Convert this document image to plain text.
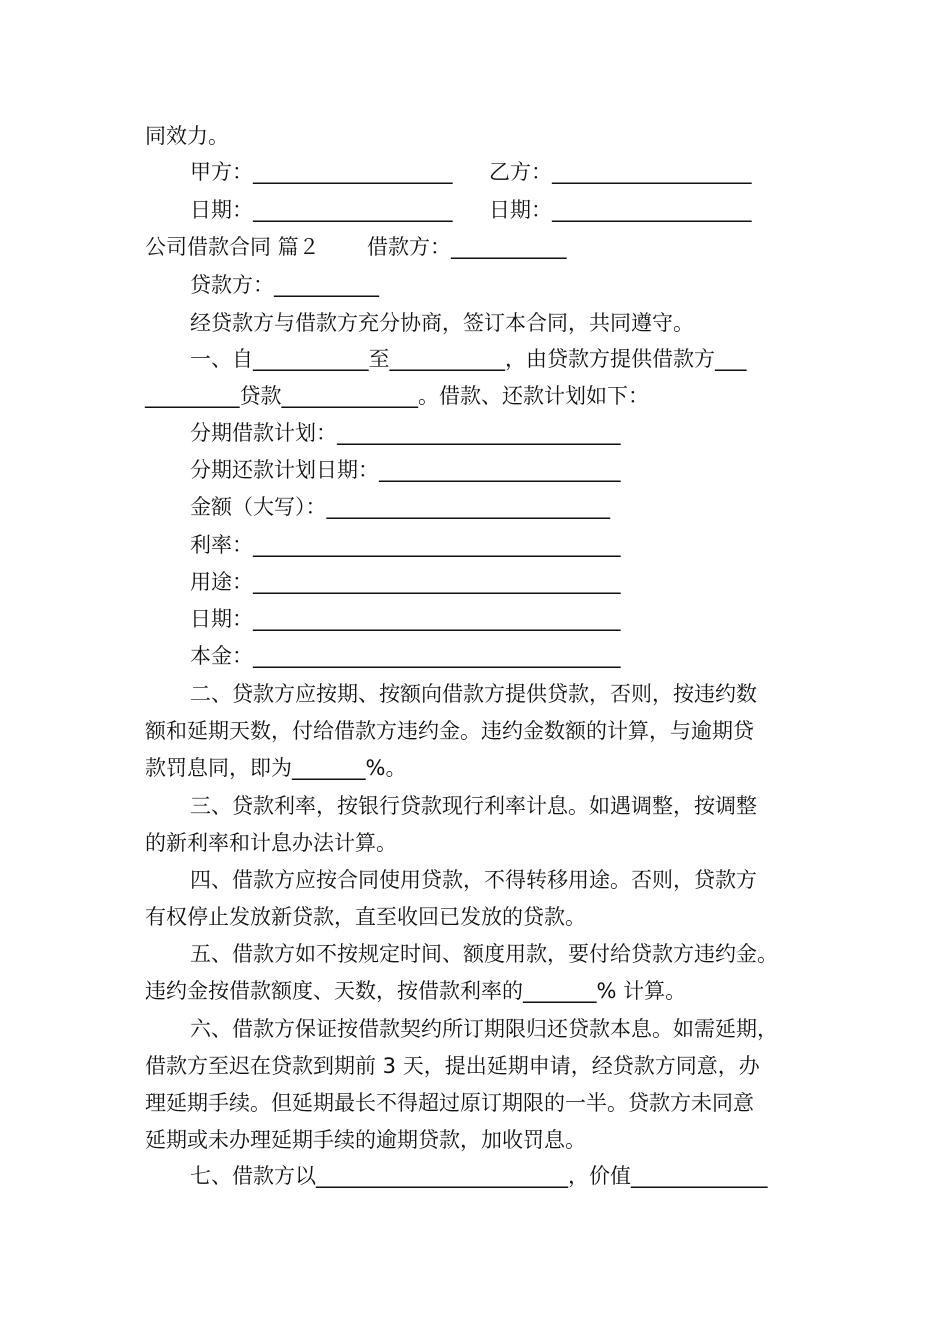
同效力。
甲方：___________________ 乙方：___________________
日期：___________________ 日期：___________________
公司借款合同 篇２ 借款方：___________
贷款方：__________
经贷款方与借款方充分协商，签订本合同，共同遵守。
一、自___________至___________，由贷款方提供借款方___
_________贷款_____________。借款、还款计划如下：
分期借款计划：___________________________
分期还款计划日期：_______________________
金额（大写）：___________________________
利率：___________________________________
用途：___________________________________
日期：___________________________________
本金：___________________________________
二、贷款方应按期、按额向借款方提供贷款，否则，按违约数
额和延期天数，付给借款方违约金。违约金数额的计算，与逾期贷
款罚息同，即为_______%。
三、贷款利率，按银行贷款现行利率计息。如遇调整，按调整
的新利率和计息办法计算。
四、借款方应按合同使用贷款，不得转移用途。否则，贷款方
有权停止发放新贷款，直至收回已发放的贷款。
五、借款方如不按规定时间、额度用款，要付给贷款方违约金。
违约金按借款额度、天数，按借款利率的_______% 计算。
六、借款方保证按借款契约所订期限归还贷款本息。如需延期，
借款方至迟在贷款到期前 3 天，提出延期申请，经贷款方同意，办
理延期手续。但延期最长不得超过原订期限的一半。贷款方未同意
延期或未办理延期手续的逾期贷款，加收罚息。
七、借款方以________________________，价值_____________
